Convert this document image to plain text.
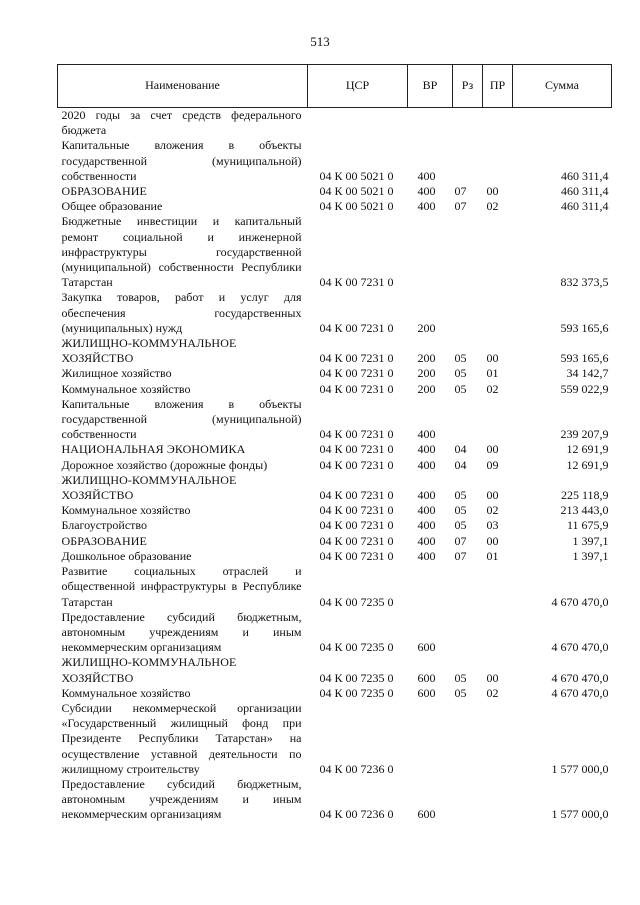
513
Наименование	ЦСР	ВР	Рз	ПР	Сумма
2020 годы за счет средств федерального бюджета					
Капитальные вложения в объекты государственной (муниципальной) собственности	04 К 00 5021 0	400			460 311,4
ОБРАЗОВАНИЕ	04 К 00 5021 0	400	07	00	460 311,4
Общее образование	04 К 00 5021 0	400	07	02	460 311,4
Бюджетные инвестиции и капитальный ремонт социальной и инженерной инфраструктуры государственной (муниципальной) собственности Республики Татарстан	04 К 00 7231 0				832 373,5
Закупка товаров, работ и услуг для обеспечения государственных (муниципальных) нужд	04 К 00 7231 0	200			593 165,6
ЖИЛИЩНО-КОММУНАЛЬНОЕ ХОЗЯЙСТВО	04 К 00 7231 0	200	05	00	593 165,6
Жилищное хозяйство	04 К 00 7231 0	200	05	01	34 142,7
Коммунальное хозяйство	04 К 00 7231 0	200	05	02	559 022,9
Капитальные вложения в объекты государственной (муниципальной) собственности	04 К 00 7231 0	400			239 207,9
НАЦИОНАЛЬНАЯ ЭКОНОМИКА	04 К 00 7231 0	400	04	00	12 691,9
Дорожное хозяйство (дорожные фонды)	04 К 00 7231 0	400	04	09	12 691,9
ЖИЛИЩНО-КОММУНАЛЬНОЕ ХОЗЯЙСТВО	04 К 00 7231 0	400	05	00	225 118,9
Коммунальное хозяйство	04 К 00 7231 0	400	05	02	213 443,0
Благоустройство	04 К 00 7231 0	400	05	03	11 675,9
ОБРАЗОВАНИЕ	04 К 00 7231 0	400	07	00	1 397,1
Дошкольное образование	04 К 00 7231 0	400	07	01	1 397,1
Развитие социальных отраслей и общественной инфраструктуры в Республике Татарстан	04 К 00 7235 0				4 670 470,0
Предоставление субсидий бюджетным, автономным учреждениям и иным некоммерческим организациям	04 К 00 7235 0	600			4 670 470,0
ЖИЛИЩНО-КОММУНАЛЬНОЕ ХОЗЯЙСТВО	04 К 00 7235 0	600	05	00	4 670 470,0
Коммунальное хозяйство	04 К 00 7235 0	600	05	02	4 670 470,0
Субсидии некоммерческой организации «Государственный жилищный фонд при Президенте Республики Татарстан» на осуществление уставной деятельности по жилищному строительству	04 К 00 7236 0				1 577 000,0
Предоставление субсидий бюджетным, автономным учреждениям и иным некоммерческим организациям	04 К 00 7236 0	600			1 577 000,0
